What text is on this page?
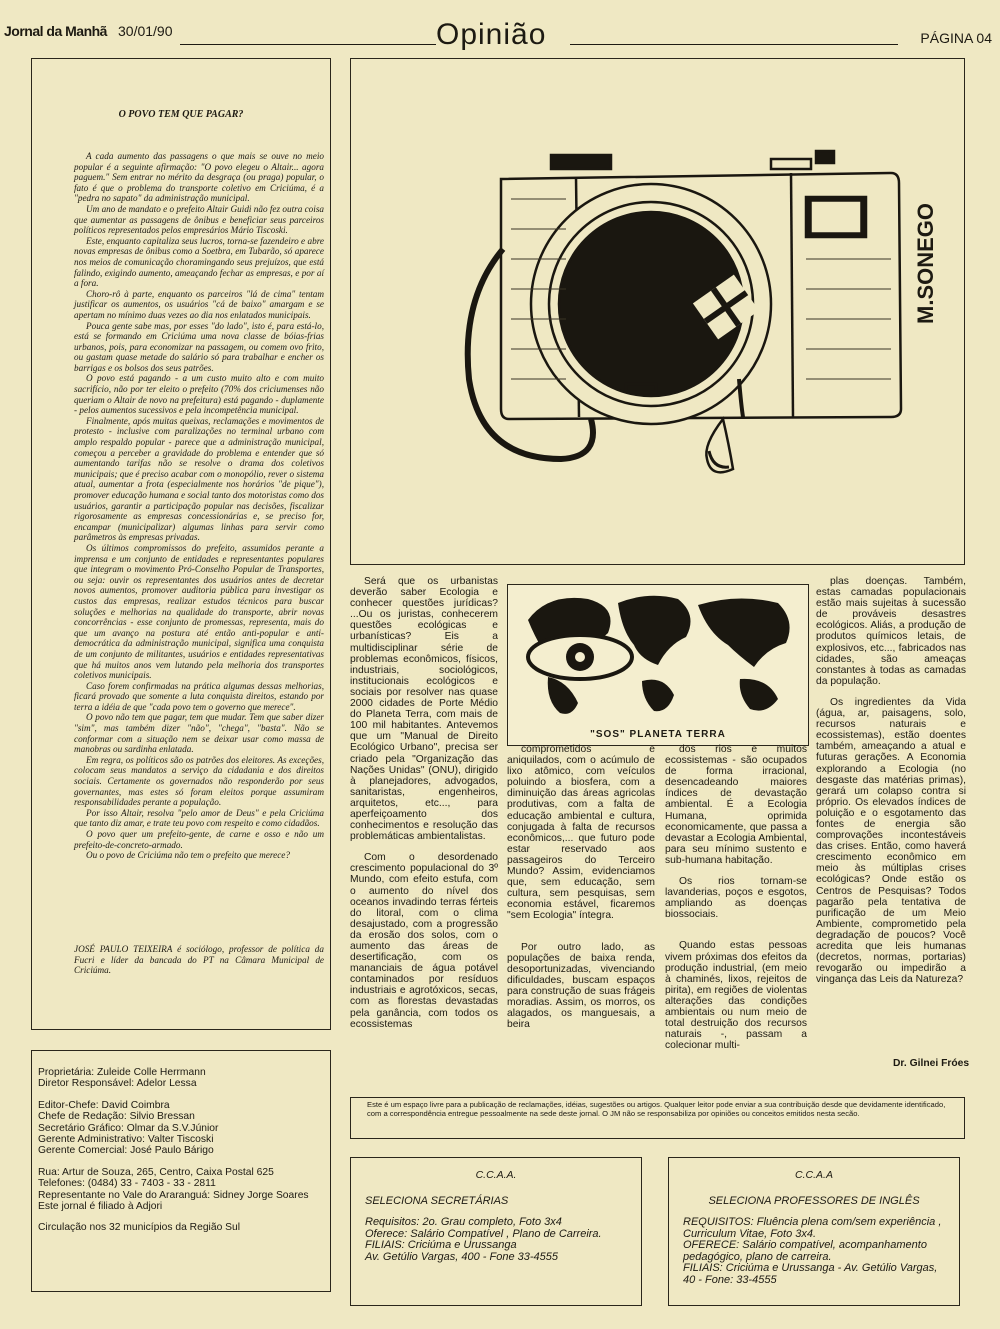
Jornal da Manhã 30/01/90	Opinião	PÁGINA 04
O POVO TEM QUE PAGAR?

A cada aumento das passagens o que mais se ouve no meio popular é a seguinte afirmação: "O povo elegeu o Altair... agora paguem." Sem entrar no mérito da desgraça (ou praga) popular, o fato é que o problema do transporte coletivo em Criciúma, é a "pedra no sapato" da administração municipal.

Um ano de mandato e o prefeito Altair Guidi não fez outra coisa que aumentar as passagens de ônibus e beneficiar seus parceiros políticos representados pelos empresários Mário Tiscoski.

Este, enquanto capitaliza seus lucros, torna-se fazendeiro e abre novas empresas de ônibus como a Soetbra, em Tubarão, só aparece nos meios de comunicação choramingando seus prejuízos, que está falindo, exigindo aumento, ameaçando fechar as empresas, e por aí a fora.

Choro-rô à parte, enquanto os parceiros "lá de cima" tentam justificar os aumentos, os usuários "cá de baixo" amargam e se apertam no mínimo duas vezes ao dia nos enlatados municipais.

Pouca gente sabe mas, por esses "do lado", isto é, para está-lo, está se formando em Criciúma uma nova classe de bóias-frias urbanos, pois, para economizar na passagem, ou comem ovo frito, ou gastam quase metade do salário só para trabalhar e encher os barrigas e os bolsos dos seus patrões.

O povo está pagando - a um custo muito alto e com muito sacrifício, não por ter eleito o prefeito (70% dos criciumenses não queriam o Altair de novo na prefeitura) está pagando - duplamente - pelos aumentos sucessivos e pela incompetência municipal.

Finalmente, após muitas queixas, reclamações e movimentos de protesto - inclusive com paralizações no terminal urbano com amplo respaldo popular - parece que a administração municipal, começou a perceber a gravidade do problema e entender que só aumentando tarifas não se resolve o drama dos coletivos municipais; que é preciso acabar com o monopólio, rever o sistema atual, aumentar a frota (especialmente nos horários "de pique"), promover educação humana e social tanto dos motoristas como dos usuários, garantir a participação popular nas decisões, fiscalizar rigorosamente as empresas concessionárias e, se preciso for, encampar (municipalizar) algumas linhas para servir como parâmetros às empresas privadas.

Os últimos compromissos do prefeito, assumidos perante a imprensa e um conjunto de entidades e representantes populares que integram o movimento Pró-Conselho Popular de Transportes, ou seja: ouvir os representantes dos usuários antes de decretar novos aumentos, promover auditoria pública para investigar os custos das empresas, realizar estudos técnicos para buscar soluções e melhorias na qualidade do transporte, abrir novas concorrências - esse conjunto de promessas, representa, mais do que um avanço na postura até então anti-popular e anti-democrática da administração municipal, significa uma conquista de um conjunto de militantes, usuários e entidades representativas que há muitos anos vem lutando pela melhoria dos transportes coletivos municipais.

Caso forem confirmadas na prática algumas dessas melhorias, ficará provado que somente a luta conquista direitos, estando por terra a idéia de que "cada povo tem o governo que merece".

O povo não tem que pagar, tem que mudar. Tem que saber dizer "sim", mas também dizer "não", "chega", "basta". Não se conformar com a situação nem se deixar usar como massa de manobras ou sardinha enlatada.

Em regra, os políticos são os patrões dos eleitores. As exceções, colocam seus mandatos a serviço da cidadania e dos direitos sociais. Certamente os governados não responderão por seus governantes, mas estes só foram eleitos porque assumiram responsabilidades perante a população.

Por isso Altair, resolva "pelo amor de Deus" e pela Criciúma que tanto diz amar, e trate teu povo com respeito e como cidadãos.

O povo quer um prefeito-gente, de carne e osso e não um prefeito-de-concreto-armado.

Ou o povo de Criciúma não tem o prefeito que merece?

JOSÉ PAULO TEIXEIRA é sociólogo, professor de política da Fucri e líder da bancada do PT na Câmara Municipal de Criciúma.
M.SONEGO

Será que os urbanistas deverão saber Ecologia e conhecer questões jurídicas? ...Ou os juristas, conhecerem questões ecológicas e urbanísticas? Eis a multidisciplinar série de problemas econômicos, físicos, industriais, sociológicos, institucionais ecológicos e sociais por resolver nas quase 2000 cidades de Porte Médio do Planeta Terra, com mais de 100 mil habitantes. Antevemos que um "Manual de Direito Ecológico Urbano", precisa ser criado pela "Organização das Nações Unidas" (ONU), dirigido à planejadores, advogados, sanitaristas, engenheiros, arquitetos, etc..., para aperfeiçoamento dos conhecimentos e resolução das problemáticas ambientalistas.

Com o desordenado crescimento populacional do 3º Mundo, com efeito estufa, com o aumento do nível dos oceanos invadindo terras férteis do litoral, com o clima desajustado, com a progressão da erosão dos solos, com o aumento das áreas de desertificação, com os mananciais de água potável contaminados por resíduos industriais e agrotóxicos, secas, com as florestas devastadas pela ganância, com todos os ecossistemas

"SOS" PLANETA TERRA

comprometidos e aniquilados, com o acúmulo de lixo atômico, com veículos poluindo a biosfera, com a diminuição das áreas agricolas produtivas, com a falta de educação ambiental e cultura, conjugada à falta de recursos econômicos,... que futuro pode estar reservado aos passageiros do Terceiro Mundo? Assim, evidenciamos que, sem educação, sem cultura, sem pesquisas, sem economia estável, ficaremos "sem Ecologia" íntegra.

Por outro lado, as populações de baixa renda, desoportunizadas, vivenciando dificuldades, buscam espaços para construção de suas frágeis moradias. Assim, os morros, os alagados, os manguesais, a beira

dos rios e muitos ecossistemas - são ocupados de forma irracional, desencadeando maiores índices de devastação ambiental. É a Ecologia Humana, oprimida economicamente, que passa a devastar a Ecologia Ambiental, para seu mínimo sustento e sub-humana habitação.

Os rios tornam-se lavanderias, poços e esgotos, ampliando as doenças biossociais.

Quando estas pessoas vivem próximas dos efeitos da produção industrial, (em meio à chaminés, lixos, rejeitos de pirita), em regiões de violentas alterações das condições ambientais ou num meio de total destruição dos recursos naturais -, passam a colecionar multi-

plas doenças. Também, estas camadas populacionais estão mais sujeitas à sucessão de prováveis desastres ecológicos. Aliás, a produção de produtos químicos letais, de explosivos, etc..., fabricados nas cidades, são ameaças constantes à todas as camadas da população.

Os ingredientes da Vida (água, ar, paisagens, solo, recursos naturais e ecossistemas), estão doentes também, ameaçando a atual e futuras gerações. A Economia explorando a Ecologia (no desgaste das matérias primas), gerará um colapso contra si próprio. Os elevados índices de poluição e o esgotamento das fontes de energia são comprovações incontestáveis das crises. Então, como haverá crescimento econômico em meio às múltiplas crises ecológicas? Onde estão os Centros de Pesquisas? Todos pagarão pela tentativa de purificação de um Meio Ambiente, comprometido pela degradação de poucos? Você acredita que leis humanas (decretos, normas, portarias) revogarão ou impedirão a vingança das Leis da Natureza?

Dr. Gilnei Fróes
Proprietária: Zuleide Colle Herrmann
Diretor Responsável: Adelor Lessa
Editor-Chefe: David Coimbra
Chefe de Redação: Silvio Bressan
Secretário Gráfico: Olmar da S.V.Júnior
Gerente Administrativo: Valter Tiscoski
Gerente Comercial: José Paulo Bárigo
Rua: Artur de Souza, 265, Centro, Caixa Postal 625
Telefones: (0484) 33 - 7403 - 33 - 2811
Representante no Vale do Araranguá: Sidney Jorge Soares
Este jornal é filiado à Adjori
Circulação nos 32 municípios da Região Sul
Este é um espaço livre para a publicação de reclamações, idéias, sugestões ou artigos. Qualquer leitor pode enviar a sua contribuição desde que devidamente identificado, com a correspondência entregue pessoalmente na sede deste jornal. O JM não se responsabiliza por opiniões ou conceitos emitidos nesta secão.
C.C.A.A.
SELECIONA SECRETÁRIAS
Requisitos: 2o. Grau completo, Foto 3x4
Oferece: Salário Compatível , Plano de Carreira.
FILIAIS: Criciúma e Urussanga
Av. Getúlio Vargas, 400 - Fone 33-4555
C.C.A.A
SELECIONA PROFESSORES DE INGLÊS
REQUISITOS: Fluência plena com/sem experiência , Curriculum Vitae, Foto 3x4.
OFERECE: Salário compatível, acompanhamento pedagógico, plano de carreira.
FILIAIS: Criciúma e Urussanga - Av. Getúlio Vargas, 40 - Fone: 33-4555
